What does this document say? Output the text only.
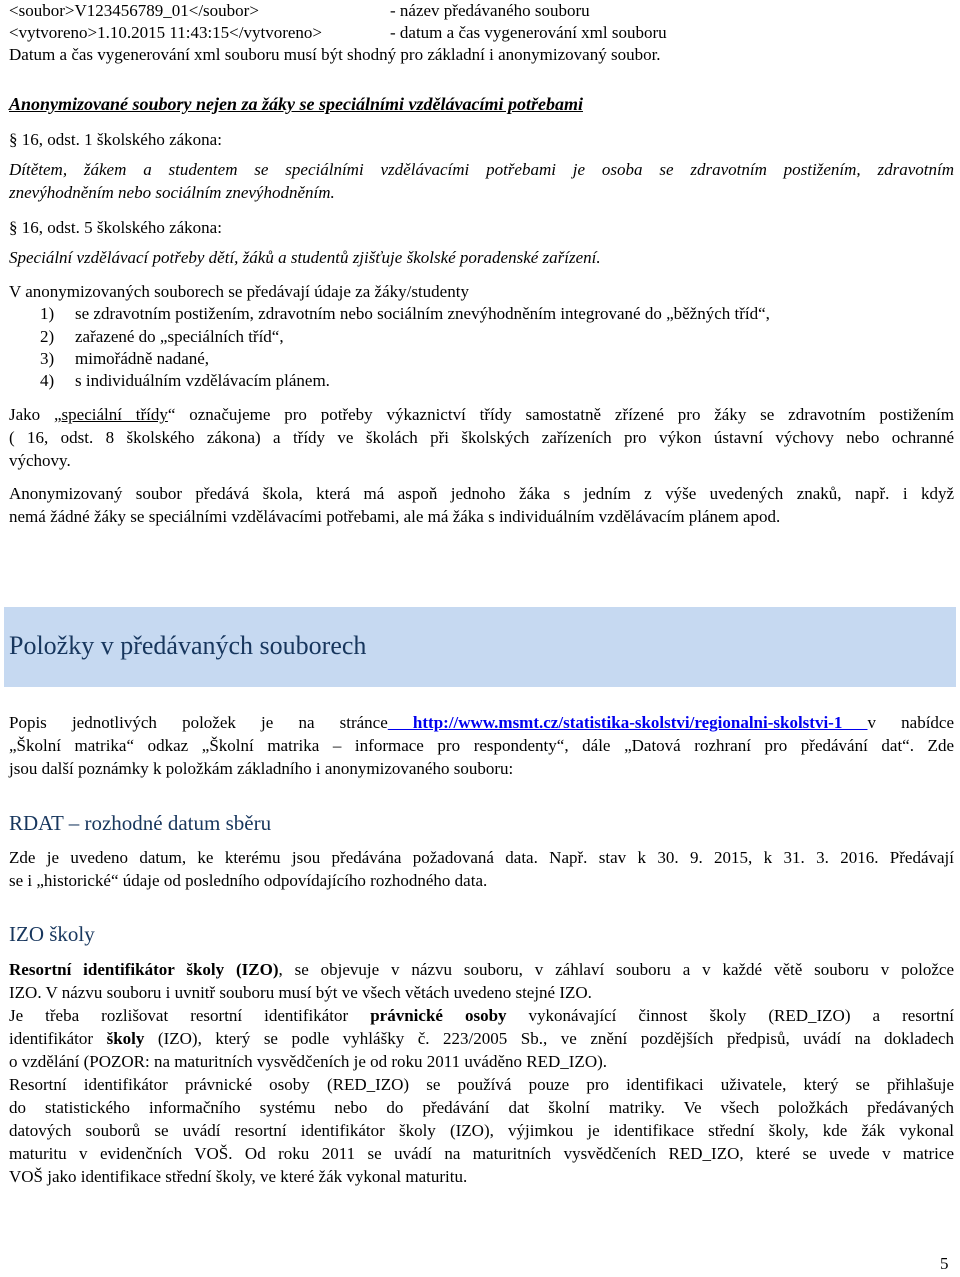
<soubor>V123456789_01</soubor>	- název předávaného souboru
<vytvoreno>1.10.2015 11:43:15</vytvoreno>	- datum a čas vygenerování xml souboru
Datum a čas vygenerování xml souboru musí být shodný pro základní i anonymizovaný soubor.
Anonymizované soubory nejen za žáky se speciálními vzdělávacími potřebami
§ 16, odst. 1 školského zákona:
Dítětem, žákem a studentem se speciálními vzdělávacími potřebami je osoba se zdravotním postižením, zdravotním
znevýhodněním nebo sociálním znevýhodněním.
§ 16, odst. 5 školského zákona:
Speciální vzdělávací potřeby dětí, žáků a studentů zjišťuje školské poradenské zařízení.
V anonymizovaných souborech se předávají údaje za žáky/studenty
1) se zdravotním postižením, zdravotním nebo sociálním znevýhodněním integrované do „běžných tříd“,
2) zařazené do „speciálních tříd“,
3) mimořádně nadané,
4) s individuálním vzdělávacím plánem.
Jako „speciální třídy“ označujeme pro potřeby výkaznictví třídy samostatně zřízené pro žáky se zdravotním postižením
( 16, odst. 8 školského zákona) a třídy ve školách při školských zařízeních pro výkon ústavní výchovy nebo ochranné
výchovy.
Anonymizovaný soubor předává škola, která má aspoň jednoho žáka s jedním z výše uvedených znaků, např. i když
nemá žádné žáky se speciálními vzdělávacími potřebami, ale má žáka s individuálním vzdělávacím plánem apod.
Položky v předávaných souborech
Popis jednotlivých položek je na stránce http://www.msmt.cz/statistika-skolstvi/regionalni-skolstvi-1 v nabídce
„Školní matrika“ odkaz „Školní matrika – informace pro respondenty“, dále „Datová rozhraní pro předávání dat“. Zde
jsou další poznámky k položkám základního i anonymizovaného souboru:
RDAT – rozhodné datum sběru
Zde je uvedeno datum, ke kterému jsou předávána požadovaná data. Např. stav k 30. 9. 2015, k 31. 3. 2016. Předávají
se i „historické“ údaje od posledního odpovídajícího rozhodného data.
IZO školy
Resortní identifikátor školy (IZO), se objevuje v názvu souboru, v záhlaví souboru a v každé větě souboru v položce
IZO. V názvu souboru i uvnitř souboru musí být ve všech větách uvedeno stejné IZO.
Je třeba rozlišovat resortní identifikátor právnické osoby vykonávající činnost školy (RED_IZO) a resortní
identifikátor školy (IZO), který se podle vyhlášky č. 223/2005 Sb., ve znění pozdějších předpisů, uvádí na dokladech
o vzdělání (POZOR: na maturitních vysvědčeních je od roku 2011 uváděno RED_IZO).
Resortní identifikátor právnické osoby (RED_IZO) se používá pouze pro identifikaci uživatele, který se přihlašuje
do statistického informačního systému nebo do předávání dat školní matriky. Ve všech položkách předávaných
datových souborů se uvádí resortní identifikátor školy (IZO), výjimkou je identifikace střední školy, kde žák vykonal
maturitu v evidenčních VOŠ. Od roku 2011 se uvádí na maturitních vysvědčeních RED_IZO, které se uvede v matrice
VOŠ jako identifikace střední školy, ve které žák vykonal maturitu.
5
